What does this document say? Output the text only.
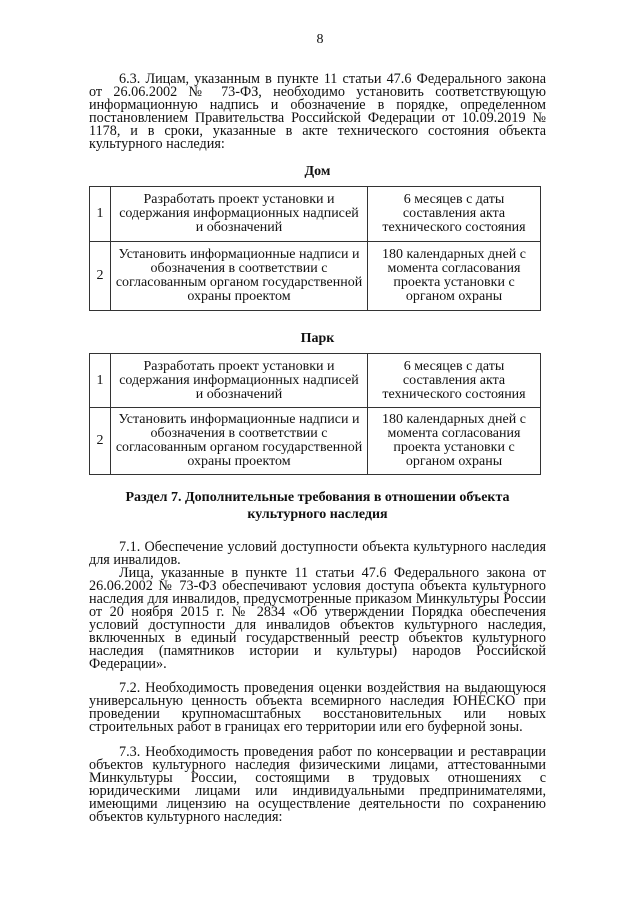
8
6.3. Лицам, указанным в пункте 11 статьи 47.6 Федерального закона от 26.06.2002 № 73-ФЗ, необходимо установить соответствующую информационную надпись и обозначение в порядке, определенном постановлением Правительства Российской Федерации от 10.09.2019 № 1178, и в сроки, указанные в акте технического состояния объекта культурного наследия:
Дом
1	Разработать проект установки и содержания информационных надписей и обозначений	6 месяцев с даты составления акта технического состояния
2	Установить информационные надписи и обозначения в соответствии с согласованным органом государственной охраны проектом	180 календарных дней с момента согласования проекта установки с органом охраны
Парк
1	Разработать проект установки и содержания информационных надписей и обозначений	6 месяцев с даты составления акта технического состояния
2	Установить информационные надписи и обозначения в соответствии с согласованным органом государственной охраны проектом	180 календарных дней с момента согласования проекта установки с органом охраны
Раздел 7. Дополнительные требования в отношении объекта
культурного наследия
7.1. Обеспечение условий доступности объекта культурного наследия для инвалидов.
Лица, указанные в пункте 11 статьи 47.6 Федерального закона от 26.06.2002 № 73-ФЗ обеспечивают условия доступа объекта культурного наследия для инвалидов, предусмотренные приказом Минкультуры России от 20 ноября 2015 г. № 2834 «Об утверждении Порядка обеспечения условий доступности для инвалидов объектов культурного наследия, включенных в единый государственный реестр объектов культурного наследия (памятников истории и культуры) народов Российской Федерации».
7.2. Необходимость проведения оценки воздействия на выдающуюся универсальную ценность объекта всемирного наследия ЮНЕСКО при проведении крупномасштабных восстановительных или новых строительных работ в границах его территории или его буферной зоны.
7.3. Необходимость проведения работ по консервации и реставрации объектов культурного наследия физическими лицами, аттестованными Минкультуры России, состоящими в трудовых отношениях с юридическими лицами или индивидуальными предпринимателями, имеющими лицензию на осуществление деятельности по сохранению объектов культурного наследия:
